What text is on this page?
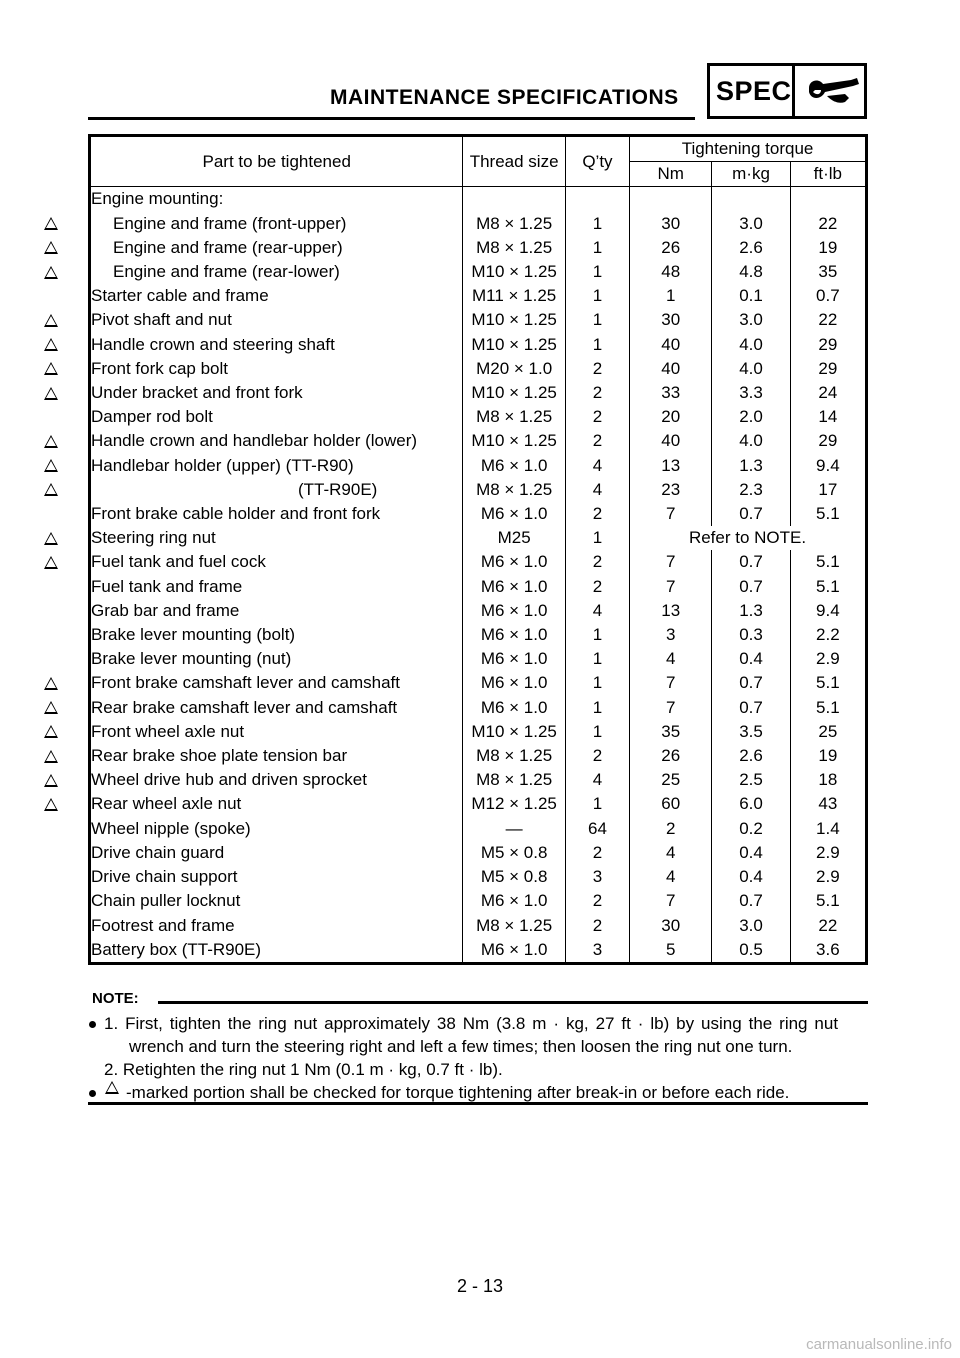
MAINTENANCE SPECIFICATIONS SPEC
Part to be tightened	Thread size	Q’ty	Tightening torque		
			Nm	m·kg	ft·lb
Engine mounting:					
Engine and frame (front-upper)	M8 × 1.25	1	30	3.0	22
Engine and frame (rear-upper)	M8 × 1.25	1	26	2.6	19
Engine and frame (rear-lower)	M10 × 1.25	1	48	4.8	35
Starter cable and frame	M11 × 1.25	1	1	0.1	0.7
Pivot shaft and nut	M10 × 1.25	1	30	3.0	22
Handle crown and steering shaft	M10 × 1.25	1	40	4.0	29
Front fork cap bolt	M20 × 1.0	2	40	4.0	29
Under bracket and front fork	M10 × 1.25	2	33	3.3	24
Damper rod bolt	M8 × 1.25	2	20	2.0	14
Handle crown and handlebar holder (lower)	M10 × 1.25	2	40	4.0	29
Handlebar holder (upper) (TT-R90)	M6 × 1.0	4	13	1.3	9.4
(TT-R90E)	M8 × 1.25	4	23	2.3	17
Front brake cable holder and front fork	M6 × 1.0	2	7	0.7	5.1
Steering ring nut	M25	1	Refer to NOTE.		
Fuel tank and fuel cock	M6 × 1.0	2	7	0.7	5.1
Fuel tank and frame	M6 × 1.0	2	7	0.7	5.1
Grab bar and frame	M6 × 1.0	4	13	1.3	9.4
Brake lever mounting (bolt)	M6 × 1.0	1	3	0.3	2.2
Brake lever mounting (nut)	M6 × 1.0	1	4	0.4	2.9
Front brake camshaft lever and camshaft	M6 × 1.0	1	7	0.7	5.1
Rear brake camshaft lever and camshaft	M6 × 1.0	1	7	0.7	5.1
Front wheel axle nut	M10 × 1.25	1	35	3.5	25
Rear brake shoe plate tension bar	M8 × 1.25	2	26	2.6	19
Wheel drive hub and driven sprocket	M8 × 1.25	4	25	2.5	18
Rear wheel axle nut	M12 × 1.25	1	60	6.0	43
Wheel nipple (spoke)	—	64	2	0.2	1.4
Drive chain guard	M5 × 0.8	2	4	0.4	2.9
Drive chain support	M5 × 0.8	3	4	0.4	2.9
Chain puller locknut	M6 × 1.0	2	7	0.7	5.1
Footrest and frame	M8 × 1.25	2	30	3.0	22
Battery box (TT-R90E)	M6 × 1.0	3	5	0.5	3.6
NOTE:
1. First, tighten the ring nut approximately 38 Nm (3.8 m · kg, 27 ft · lb) by using the ring nut
wrench and turn the steering right and left a few times; then loosen the ring nut one turn.
2. Retighten the ring nut 1 Nm (0.1 m · kg, 0.7 ft · lb).
-marked portion shall be checked for torque tightening after break-in or before each ride.
2 - 13
carmanualsonline.info
